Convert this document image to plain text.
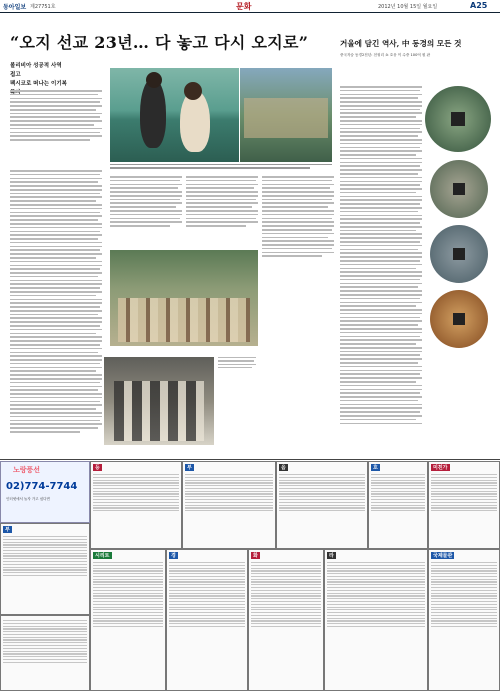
동아일보 제27751호	문화	2012년 10월 15일 월요일	A25
“오지 선교 23년… 다 놓고 다시 오지로”
볼리비아 성공적 사역 접고
팩시코로 떠나는 이기복
거울에 담긴 역사, 中 동경의 모든 것
중국자숨 동경2천년: 천궈리 쇼 호웅 이 수중 100억 원 판
노랑풍선
02)774-7744
인터넷에서 놀자 가고 싶다면
등	부	음	호	미친가
부
시리트	경	화	라	국제물관
